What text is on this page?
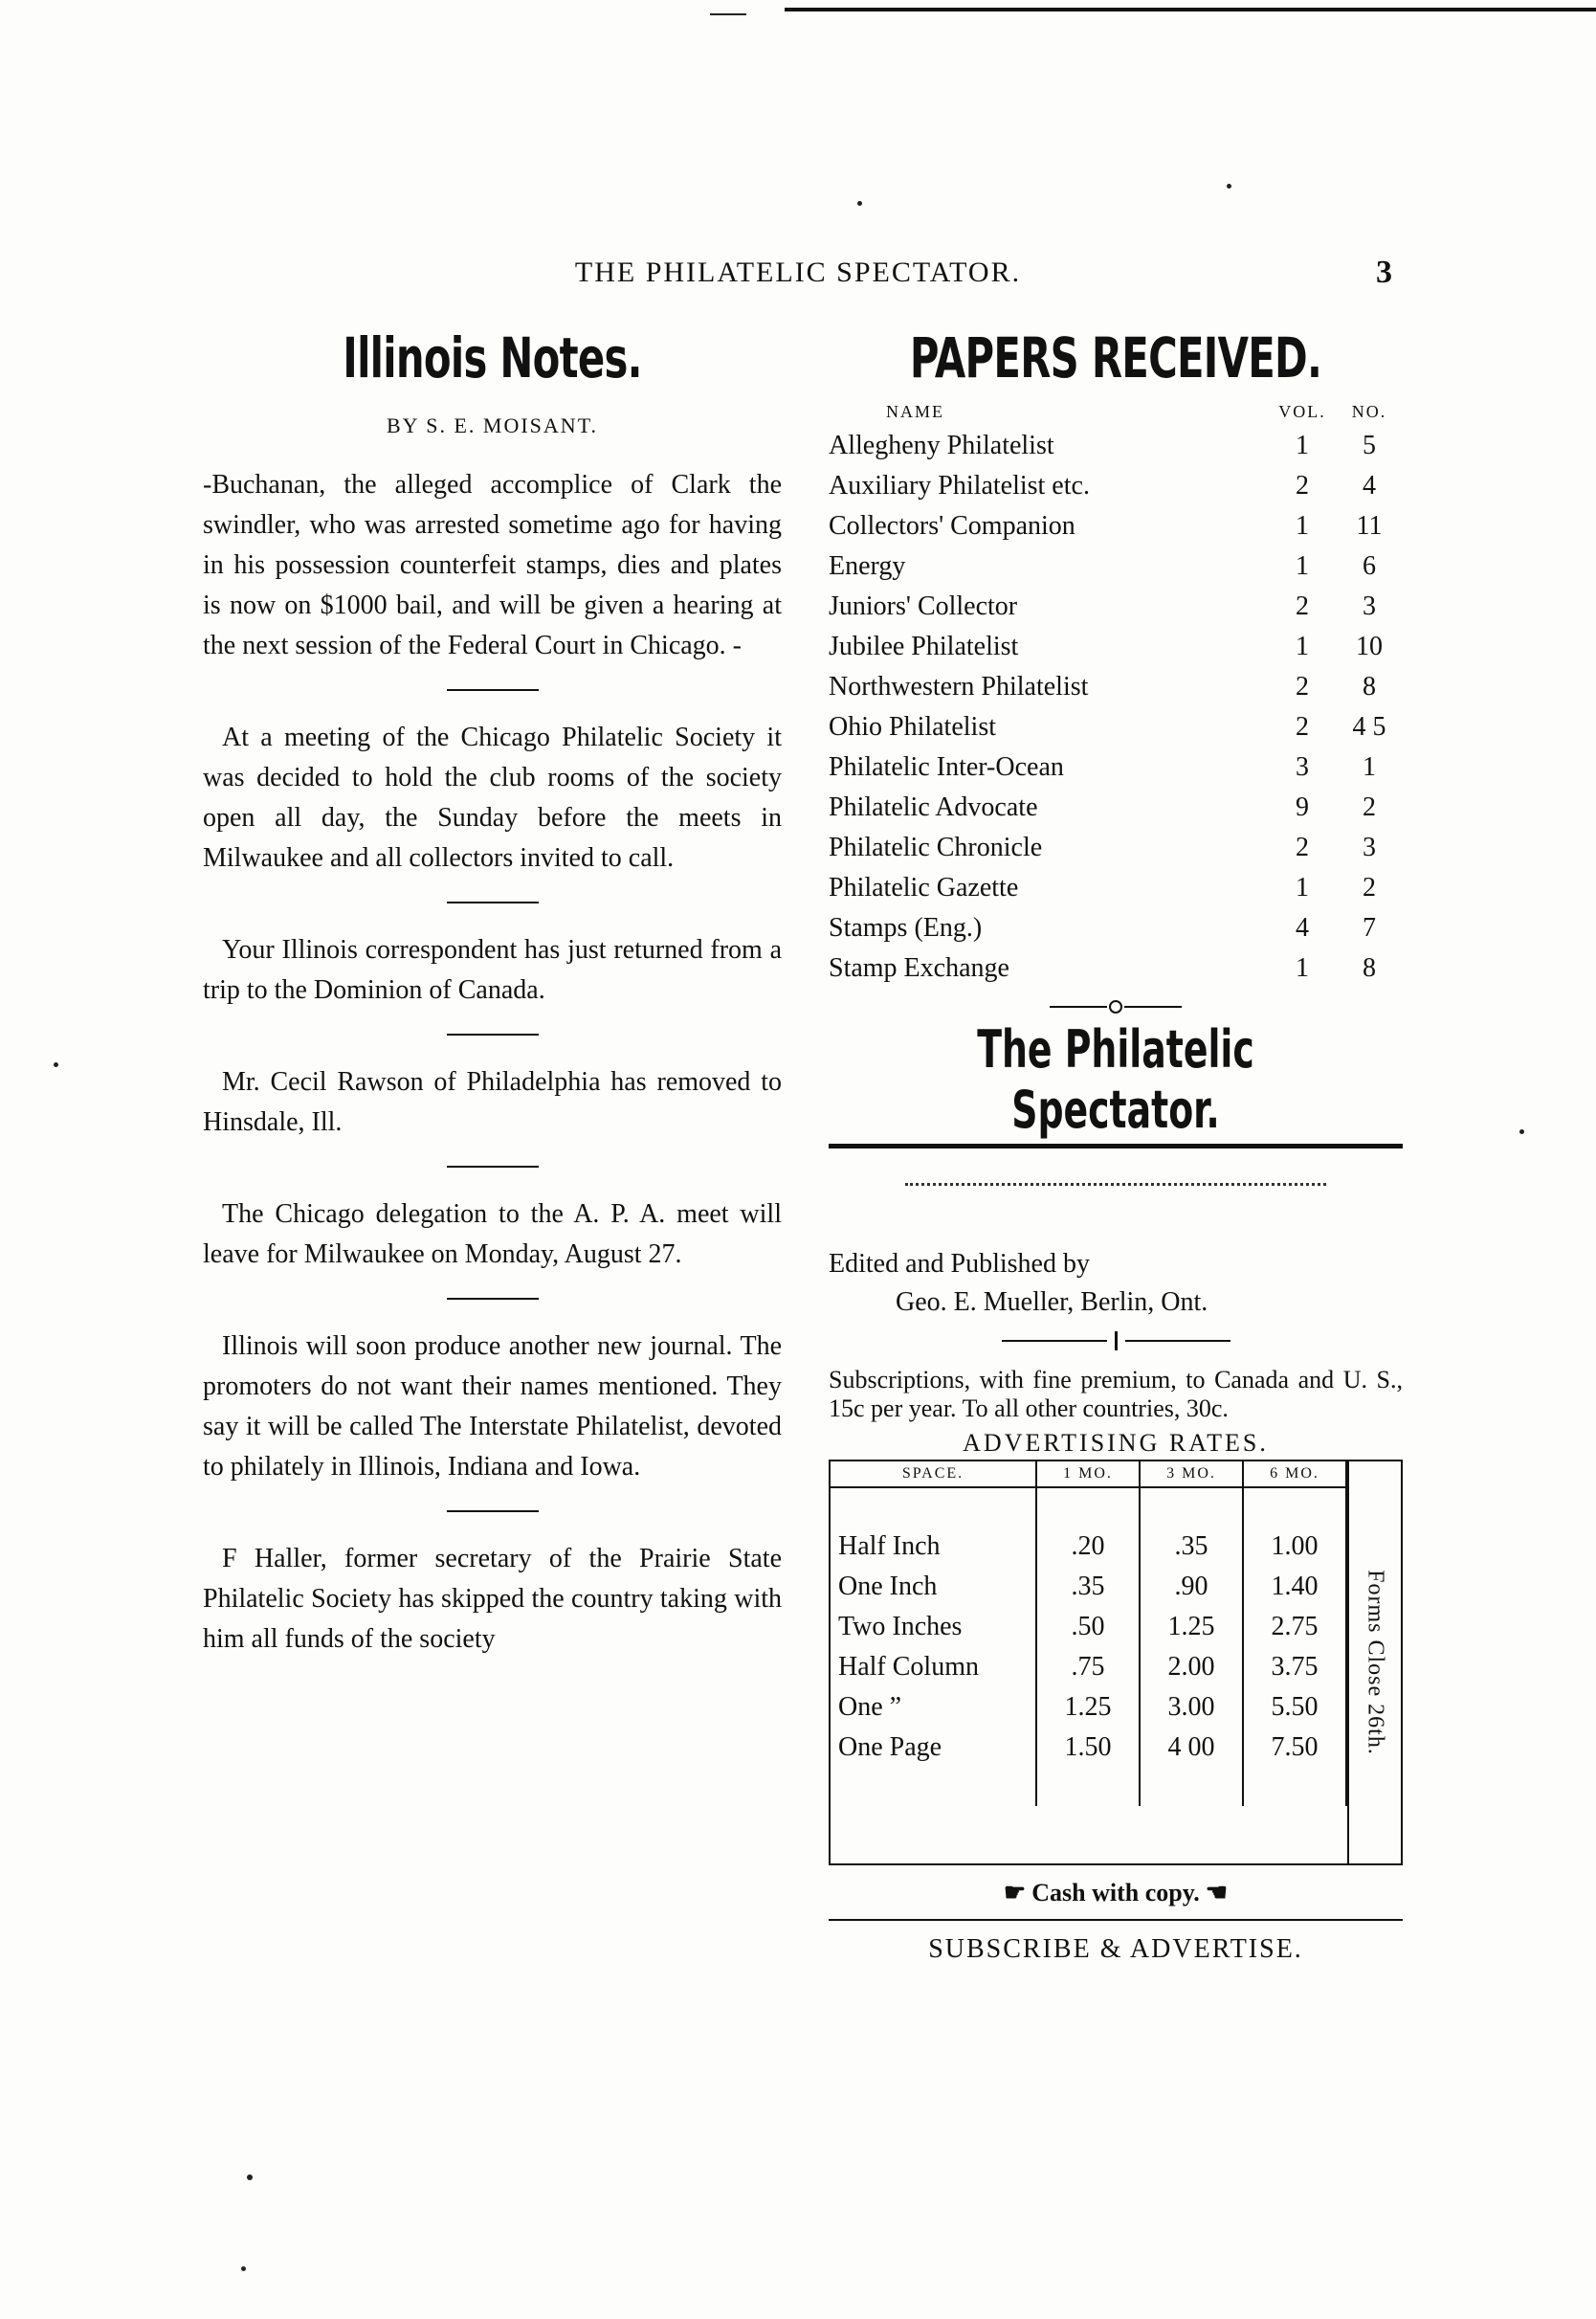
THE PHILATELIC SPECTATOR.	3
Illinois Notes.
BY S. E. MOISANT.

-Buchanan, the alleged accomplice of Clark the swindler, who was arrested sometime ago for having in his possession counterfeit stamps, dies and plates is now on $1000 bail, and will be given a hearing at the next session of the Federal Court in Chicago. -

At a meeting of the Chicago Philatelic Society it was decided to hold the club rooms of the society open all day, the Sunday before the meets in Milwaukee and all collectors invited to call.

Your Illinois correspondent has just returned from a trip to the Dominion of Canada.

Mr. Cecil Rawson of Philadelphia has removed to Hinsdale, Ill.

The Chicago delegation to the A. P. A. meet will leave for Milwaukee on Monday, August 27.

Illinois will soon produce another new journal. The promoters do not want their names mentioned. They say it will be called The Interstate Philatelist, devoted to philately in Illinois, Indiana and Iowa.

F Haller, former secretary of the Prairie State Philatelic Society has skipped the country taking with him all funds of the society

PAPERS RECEIVED.
NAME	VOL.	NO.
Allegheny Philatelist	1	5
Auxiliary Philatelist etc.	2	4
Collectors' Companion	1	11
Energy	1	6
Juniors' Collector	2	3
Jubilee Philatelist	1	10
Northwestern Philatelist	2	8
Ohio Philatelist	2	4 5
Philatelic Inter-Ocean	3	1
Philatelic Advocate	9	2
Philatelic Chronicle	2	3
Philatelic Gazette	1	2
Stamps (Eng.)	4	7
Stamp Exchange	1	8
The Philatelic Spectator.
Edited and Published by
Geo. E. Mueller, Berlin, Ont.
Subscriptions, with fine premium, to Canada and U. S., 15c per year. To all other countries, 30c.
ADVERTISING RATES.
SPACE.	1 MO.	3 MO.	6 MO.

Half Inch	.20	.35	1.00
One Inch	.35	.90	1.40
Two Inches	.50	1.25	2.75
Half Column	.75	2.00	3.75
One ”	1.25	3.00	5.50
One Page	1.50	4 00	7.50
			Forms Close 26th.
☛ Cash with copy. ☚
SUBSCRIBE & ADVERTISE.
